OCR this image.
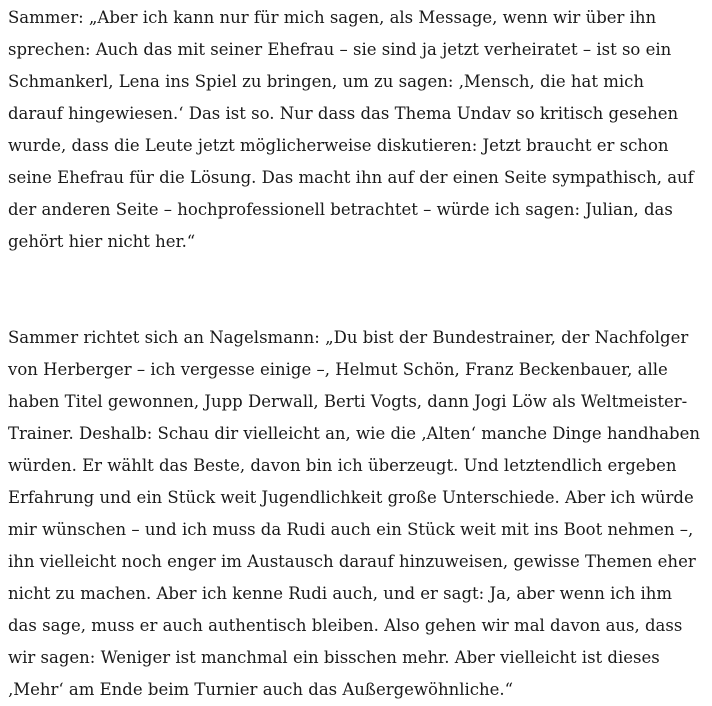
Sammer: „Aber ich kann nur für mich sagen, als Message, wenn wir über ihn sprechen: Auch das mit seiner Ehefrau – sie sind ja jetzt verheiratet – ist so ein Schmankerl, Lena ins Spiel zu bringen, um zu sagen: ‚Mensch, die hat mich darauf hingewiesen.‘ Das ist so. Nur dass das Thema Undav so kritisch gesehen wurde, dass die Leute jetzt möglicherweise diskutieren: Jetzt braucht er schon seine Ehefrau für die Lösung. Das macht ihn auf der einen Seite sympathisch, auf der anderen Seite – hochprofessionell betrachtet – würde ich sagen: Julian, das gehört hier nicht her.“

Sammer richtet sich an Nagelsmann: „Du bist der Bundestrainer, der Nachfolger von Herberger – ich vergesse einige –, Helmut Schön, Franz Beckenbauer, alle haben Titel gewonnen, Jupp Derwall, Berti Vogts, dann Jogi Löw als Weltmeister-Trainer. Deshalb: Schau dir vielleicht an, wie die ‚Alten‘ manche Dinge handhaben würden. Er wählt das Beste, davon bin ich überzeugt. Und letztendlich ergeben Erfahrung und ein Stück weit Jugendlichkeit große Unterschiede. Aber ich würde mir wünschen – und ich muss da Rudi auch ein Stück weit mit ins Boot nehmen –, ihn vielleicht noch enger im Austausch darauf hinzuweisen, gewisse Themen eher nicht zu machen. Aber ich kenne Rudi auch, und er sagt: Ja, aber wenn ich ihm das sage, muss er auch authentisch bleiben. Also gehen wir mal davon aus, dass wir sagen: Weniger ist manchmal ein bisschen mehr. Aber vielleicht ist dieses ‚Mehr‘ am Ende beim Turnier auch das Außergewöhnliche.“
